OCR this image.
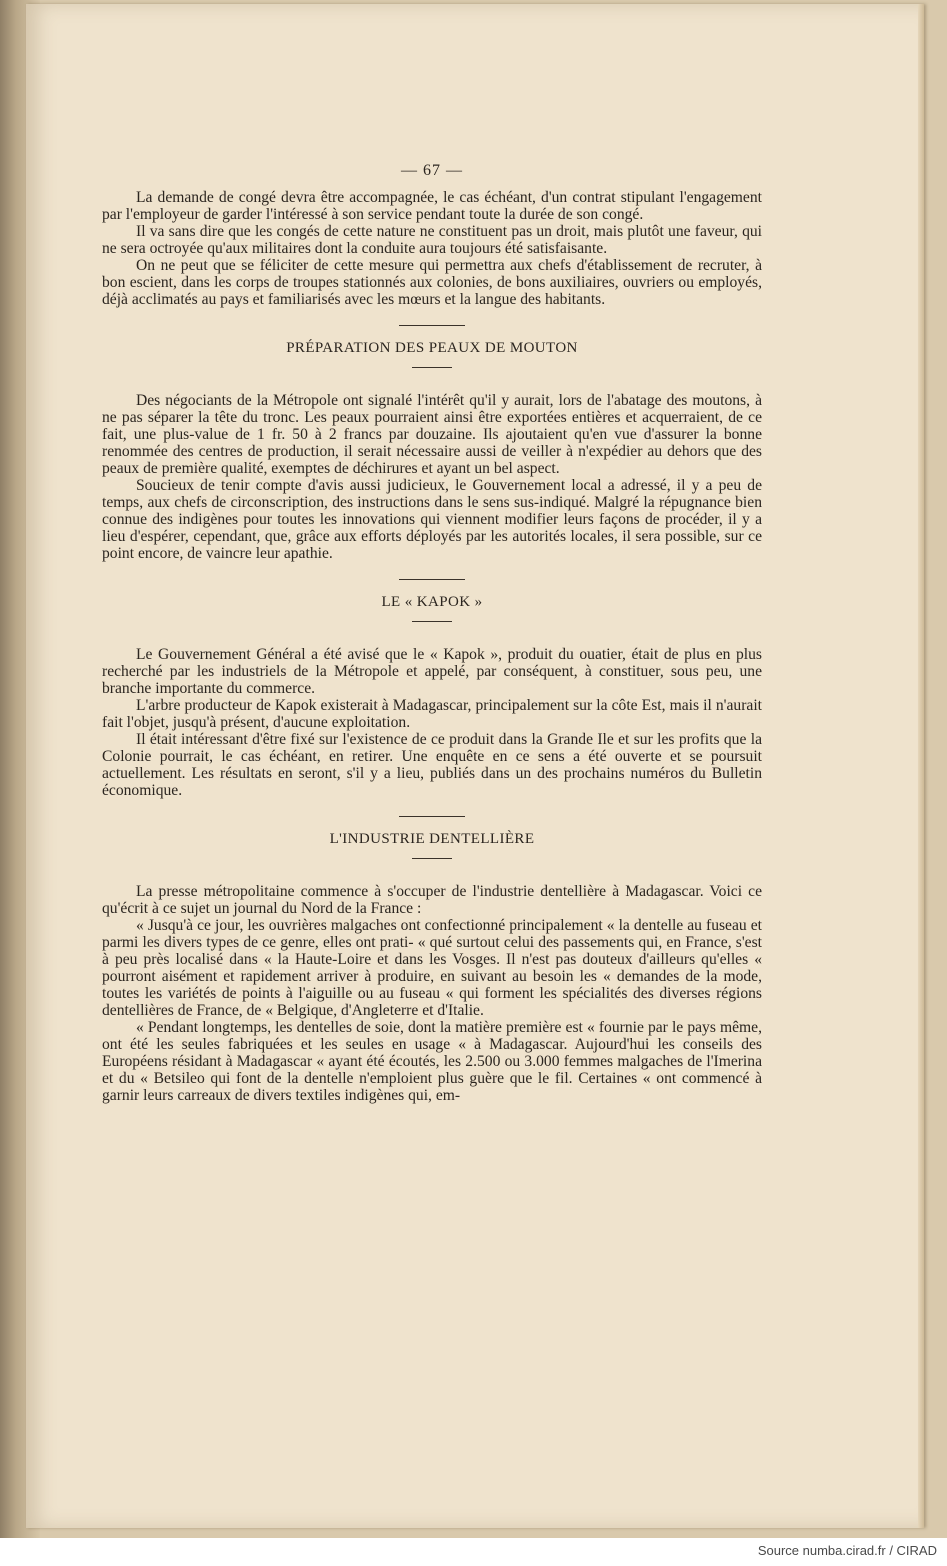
— 67 —

La demande de congé devra être accompagnée, le cas échéant, d'un contrat stipulant l'engagement par l'employeur de garder l'intéressé à son service pendant toute la durée de son congé.

Il va sans dire que les congés de cette nature ne constituent pas un droit, mais plutôt une faveur, qui ne sera octroyée qu'aux militaires dont la conduite aura toujours été satisfaisante.

On ne peut que se féliciter de cette mesure qui permettra aux chefs d'établissement de recruter, à bon escient, dans les corps de troupes stationnés aux colonies, de bons auxiliaires, ouvriers ou employés, déjà acclimatés au pays et familiarisés avec les mœurs et la langue des habitants.

PRÉPARATION DES PEAUX DE MOUTON

Des négociants de la Métropole ont signalé l'intérêt qu'il y aurait, lors de l'abatage des moutons, à ne pas séparer la tête du tronc. Les peaux pourraient ainsi être exportées entières et acquerraient, de ce fait, une plus-value de 1 fr. 50 à 2 francs par douzaine. Ils ajoutaient qu'en vue d'assurer la bonne renommée des centres de production, il serait nécessaire aussi de veiller à n'expédier au dehors que des peaux de première qualité, exemptes de déchirures et ayant un bel aspect.

Soucieux de tenir compte d'avis aussi judicieux, le Gouvernement local a adressé, il y a peu de temps, aux chefs de circonscription, des instructions dans le sens sus-indiqué. Malgré la répugnance bien connue des indigènes pour toutes les innovations qui viennent modifier leurs façons de procéder, il y a lieu d'espérer, cependant, que, grâce aux efforts déployés par les autorités locales, il sera possible, sur ce point encore, de vaincre leur apathie.

LE « KAPOK »

Le Gouvernement Général a été avisé que le « Kapok », produit du ouatier, était de plus en plus recherché par les industriels de la Métropole et appelé, par conséquent, à constituer, sous peu, une branche importante du commerce.

L'arbre producteur de Kapok existerait à Madagascar, principalement sur la côte Est, mais il n'aurait fait l'objet, jusqu'à présent, d'aucune exploitation.

Il était intéressant d'être fixé sur l'existence de ce produit dans la Grande Ile et sur les profits que la Colonie pourrait, le cas échéant, en retirer. Une enquête en ce sens a été ouverte et se poursuit actuellement. Les résultats en seront, s'il y a lieu, publiés dans un des prochains numéros du Bulletin économique.

L'INDUSTRIE DENTELLIÈRE

La presse métropolitaine commence à s'occuper de l'industrie dentellière à Madagascar. Voici ce qu'écrit à ce sujet un journal du Nord de la France :

« Jusqu'à ce jour, les ouvrières malgaches ont confectionné principalement « la dentelle au fuseau et parmi les divers types de ce genre, elles ont prati- « qué surtout celui des passements qui, en France, s'est à peu près localisé dans « la Haute-Loire et dans les Vosges. Il n'est pas douteux d'ailleurs qu'elles « pourront aisément et rapidement arriver à produire, en suivant au besoin les « demandes de la mode, toutes les variétés de points à l'aiguille ou au fuseau « qui forment les spécialités des diverses régions dentellières de France, de « Belgique, d'Angleterre et d'Italie.

« Pendant longtemps, les dentelles de soie, dont la matière première est « fournie par le pays même, ont été les seules fabriquées et les seules en usage « à Madagascar. Aujourd'hui les conseils des Européens résidant à Madagascar « ayant été écoutés, les 2.500 ou 3.000 femmes malgaches de l'Imerina et du « Betsileo qui font de la dentelle n'emploient plus guère que le fil. Certaines « ont commencé à garnir leurs carreaux de divers textiles indigènes qui, em-

Source numba.cirad.fr / CIRAD
